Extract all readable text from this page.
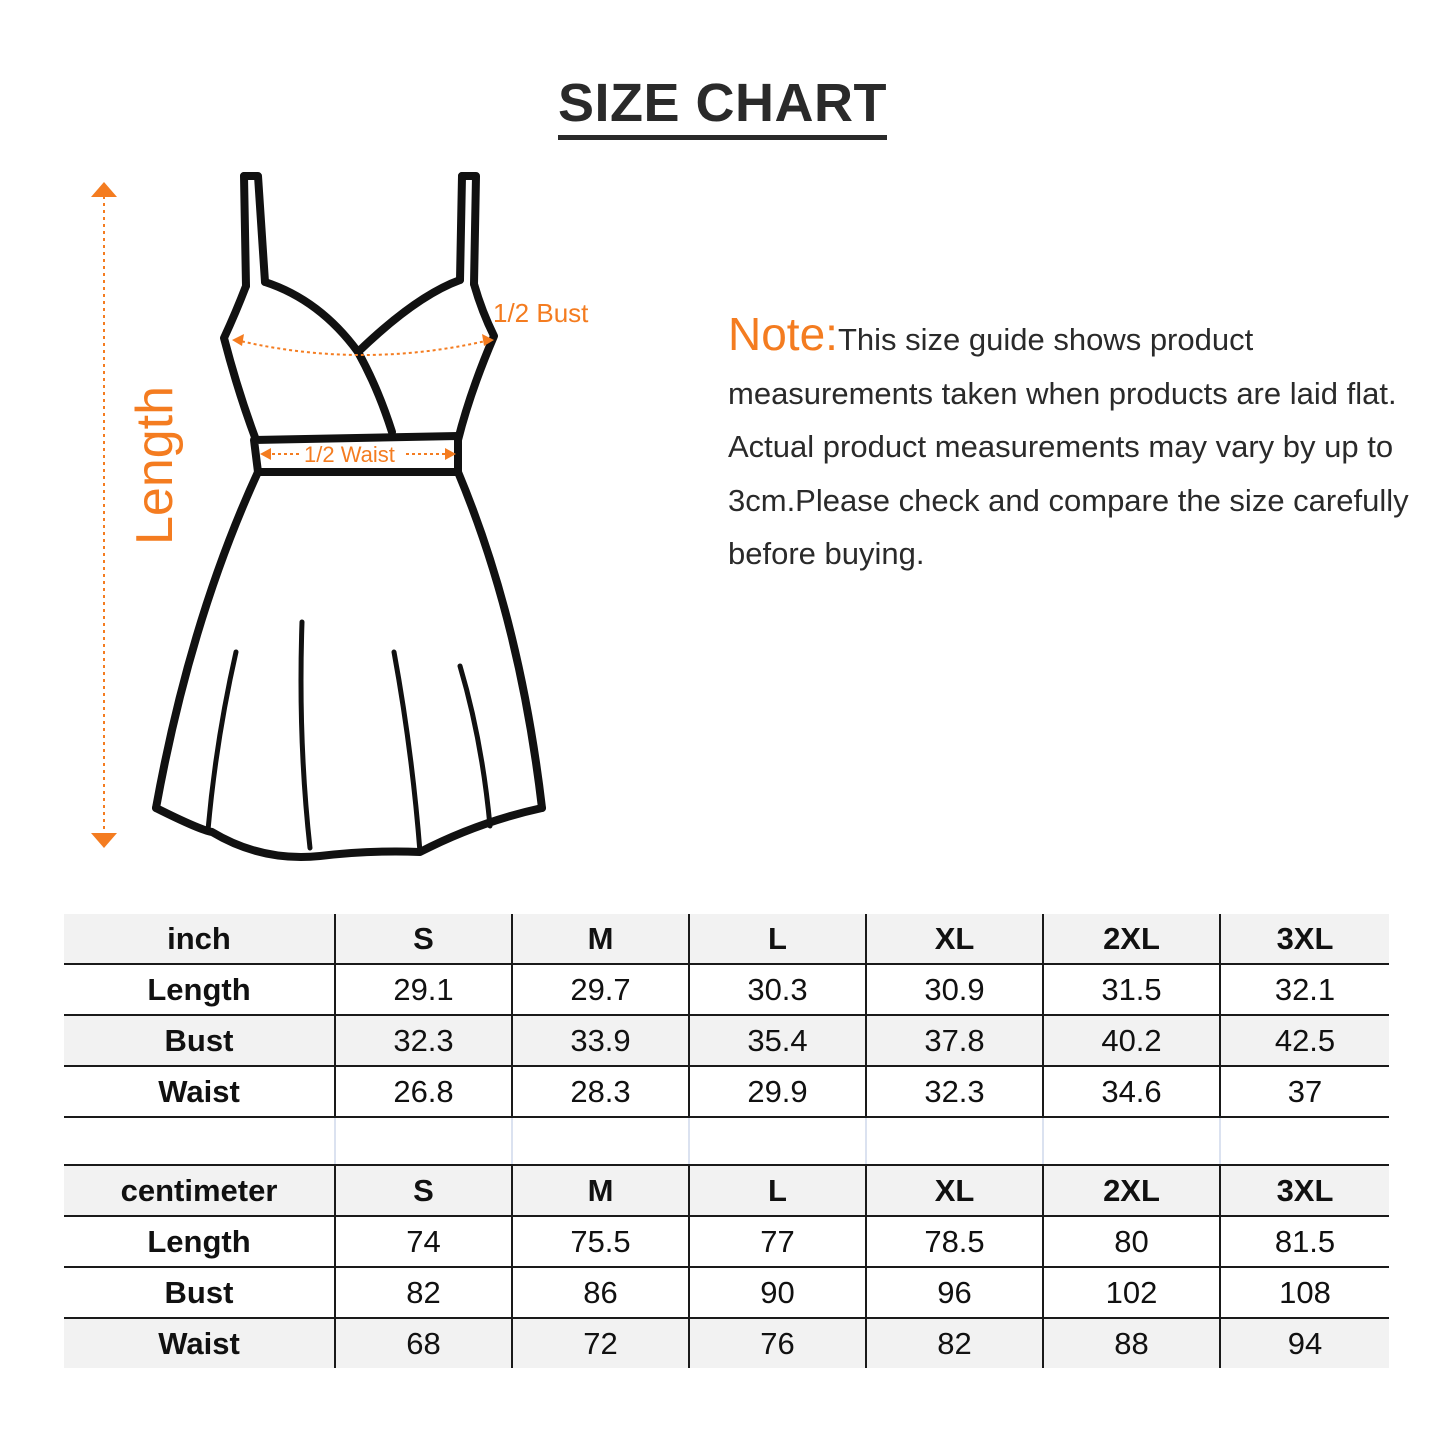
SIZE CHART
Length
1/2 Bust
1/2 Waist
Note:This size guide shows product measurements taken when products are laid flat. Actual product measurements may vary by up to 3cm.Please check and compare the size carefully before buying.
inch	S	M	L	XL	2XL	3XL
Length	29.1	29.7	30.3	30.9	31.5	32.1
Bust	32.3	33.9	35.4	37.8	40.2	42.5
Waist	26.8	28.3	29.9	32.3	34.6	37

centimeter	S	M	L	XL	2XL	3XL
Length	74	75.5	77	78.5	80	81.5
Bust	82	86	90	96	102	108
Waist	68	72	76	82	88	94
